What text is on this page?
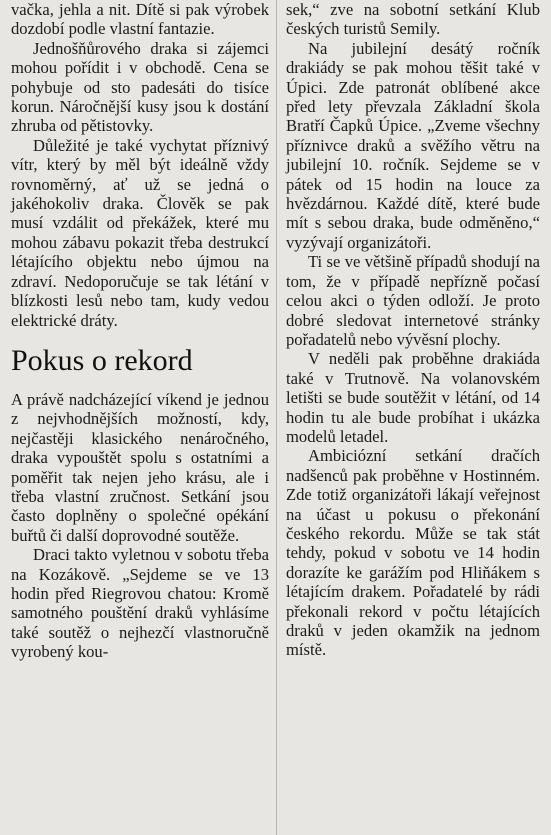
vačka, jehla a nit. Dítě si pak výrobek dozdobí podle vlastní fantazie.

Jednošňůrového draka si zájemci mohou pořídit i v obchodě. Cena se pohybuje od sto padesáti do tisíce korun. Náročnější kusy jsou k dostání zhruba od pětistovky.

Důležité je také vychytat příznivý vítr, který by měl být ideálně vždy rovnoměrný, ať už se jedná o jakéhokoliv draka. Člověk se pak musí vzdálit od překážek, které mu mohou zábavu pokazit třeba destrukcí létajícího objektu nebo újmou na zdraví. Nedoporučuje se tak létání v blízkosti lesů nebo tam, kudy vedou elektrické dráty.

Pokus o rekord

A právě nadcházející víkend je jednou z nejvhodnějších možností, kdy, nejčastěji klasického nenáročného, draka vypouštět spolu s ostatními a poměřit tak nejen jeho krásu, ale i třeba vlastní zručnost. Setkání jsou často doplněny o společné opékání buřtů či další doprovodné soutěže.

Draci takto vyletnou v sobotu třeba na Kozákově. „Sejdeme se ve 13 hodin před Riegrovou chatou: Kromě samotného pouštění draků vyhlásíme také soutěž o nejhezčí vlastnoručně vyrobený kou-

sek,“ zve na sobotní setkání Klub českých turistů Semily.

Na jubilejní desátý ročník drakiády se pak mohou těšit také v Úpici. Zde patronát oblíbené akce před lety převzala Základní škola Bratří Čapků Úpice. „Zveme všechny příznivce draků a svěžího větru na jubilejní 10. ročník. Sejdeme se v pátek od 15 hodin na louce za hvězdárnou. Každé dítě, které bude mít s sebou draka, bude odměněno,“ vyzývají organizátoři.

Ti se ve většině případů shodují na tom, že v případě nepřízně počasí celou akci o týden odloží. Je proto dobré sledovat internetové stránky pořadatelů nebo vývěsní plochy.

V neděli pak proběhne drakiáda také v Trutnově. Na volanovském letišti se bude soutěžit v létání, od 14 hodin tu ale bude probíhat i ukázka modelů letadel.

Ambiciózní setkání dračích nadšenců pak proběhne v Hostinném. Zde totiž organizátoři lákají veřejnost na účast u pokusu o překonání českého rekordu. Může se tak stát tehdy, pokud v sobotu ve 14 hodin dorazíte ke garážím pod Hliňákem s létajícím drakem. Pořadatelé by rádi překonali rekord v počtu létajících draků v jeden okamžik na jednom místě.
